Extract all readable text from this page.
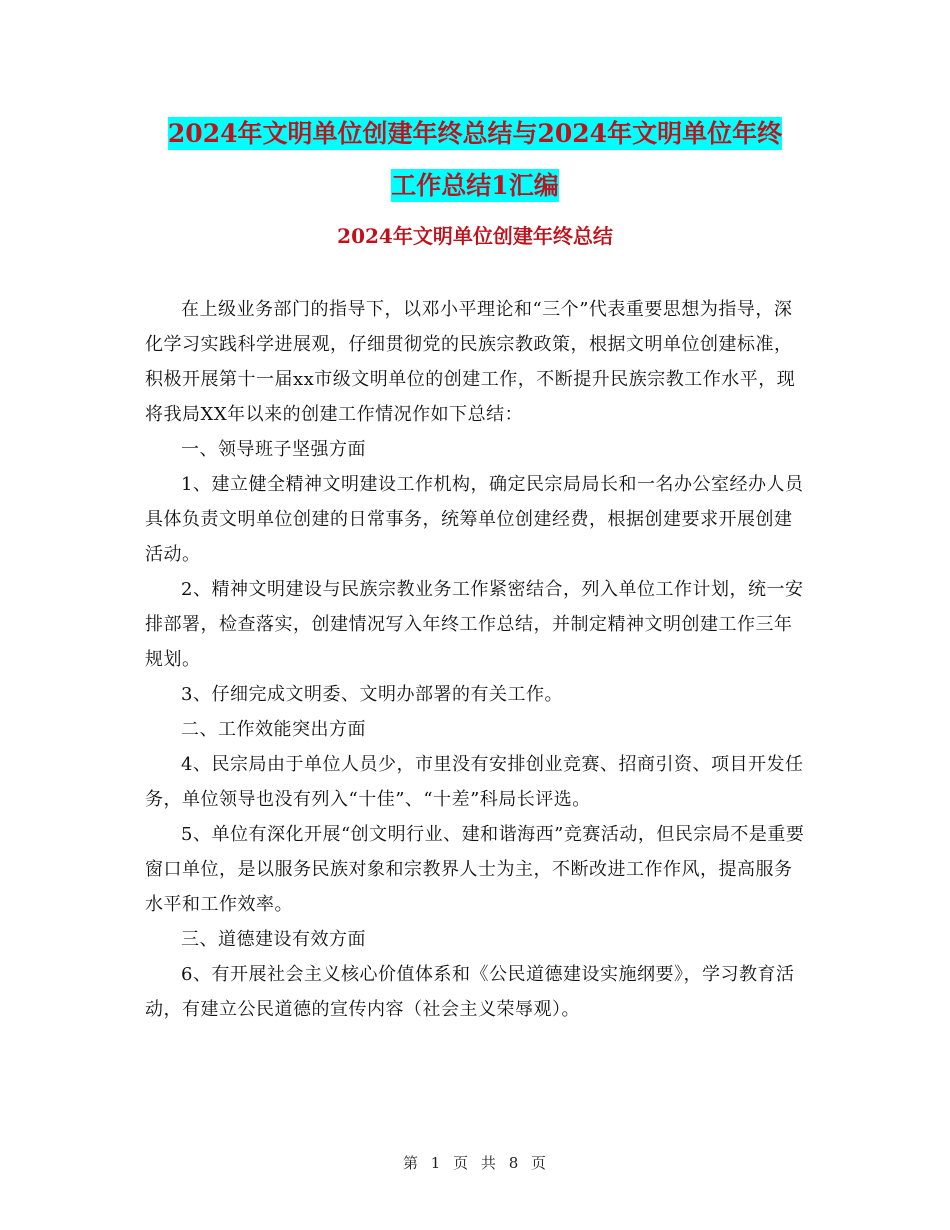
2024年文明单位创建年终总结与2024年文明单位年终
工作总结1汇编
2024年文明单位创建年终总结

在上级业务部门的指导下，以邓小平理论和“三个”代表重要思想为指导，深化学习实践科学进展观，仔细贯彻党的民族宗教政策，根据文明单位创建标准，积极开展第十一届xx市级文明单位的创建工作，不断提升民族宗教工作水平，现将我局XX年以来的创建工作情况作如下总结：

一、领导班子坚强方面

1、建立健全精神文明建设工作机构，确定民宗局局长和一名办公室经办人员具体负责文明单位创建的日常事务，统筹单位创建经费，根据创建要求开展创建活动。

2、精神文明建设与民族宗教业务工作紧密结合，列入单位工作计划，统一安排部署，检查落实，创建情况写入年终工作总结，并制定精神文明创建工作三年规划。

3、仔细完成文明委、文明办部署的有关工作。

二、工作效能突出方面

4、民宗局由于单位人员少，市里没有安排创业竞赛、招商引资、项目开发任务，单位领导也没有列入“十佳”、“十差”科局长评选。

5、单位有深化开展“创文明行业、建和谐海西”竞赛活动，但民宗局不是重要窗口单位，是以服务民族对象和宗教界人士为主，不断改进工作作风，提高服务水平和工作效率。

三、道德建设有效方面

6、有开展社会主义核心价值体系和《公民道德建设实施纲要》，学习教育活动，有建立公民道德的宣传内容（社会主义荣辱观）。

第 1 页 共 8 页
